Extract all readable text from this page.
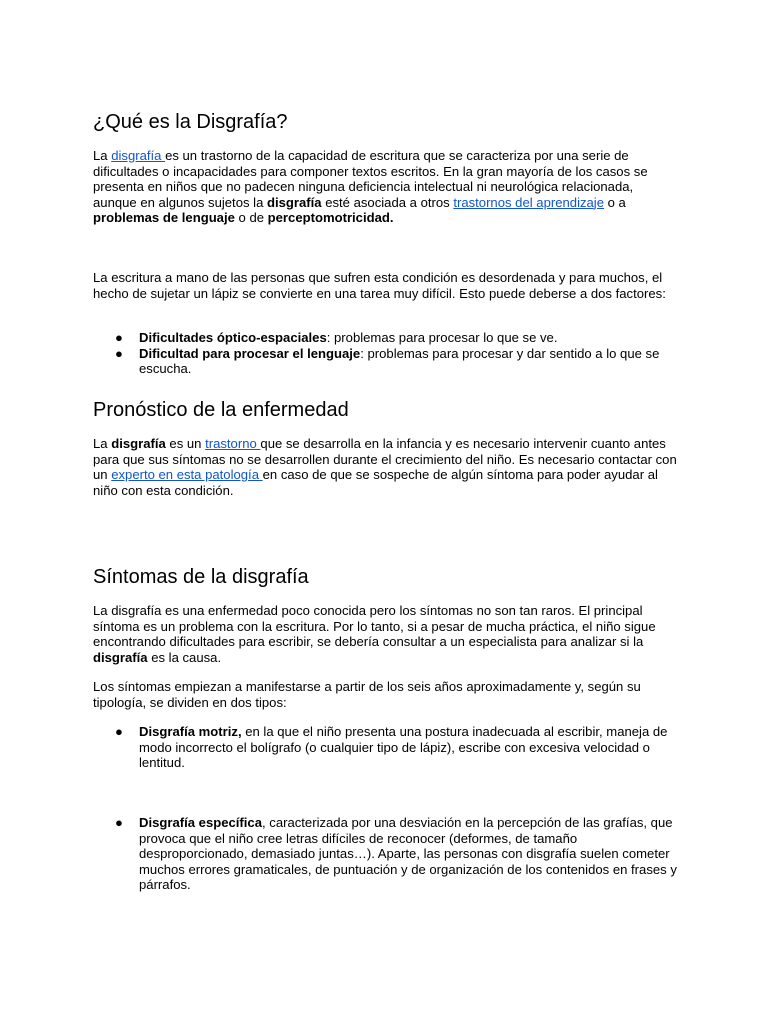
¿Qué es la Disgrafía?

La disgrafía es un trastorno de la capacidad de escritura que se caracteriza por una serie de dificultades o incapacidades para componer textos escritos. En la gran mayoría de los casos se presenta en niños que no padecen ninguna deficiencia intelectual ni neurológica relacionada, aunque en algunos sujetos la disgrafía esté asociada a otros trastornos del aprendizaje o a problemas de lenguaje o de perceptomotricidad.

La escritura a mano de las personas que sufren esta condición es desordenada y para muchos, el hecho de sujetar un lápiz se convierte en una tarea muy difícil. Esto puede deberse a dos factores:

● Dificultades óptico-espaciales: problemas para procesar lo que se ve.
● Dificultad para procesar el lenguaje: problemas para procesar y dar sentido a lo que se escucha.
Pronóstico de la enfermedad

La disgrafía es un trastorno que se desarrolla en la infancia y es necesario intervenir cuanto antes para que sus síntomas no se desarrollen durante el crecimiento del niño. Es necesario contactar con un experto en esta patología en caso de que se sospeche de algún síntoma para poder ayudar al niño con esta condición.

Síntomas de la disgrafía

La disgrafía es una enfermedad poco conocida pero los síntomas no son tan raros. El principal síntoma es un problema con la escritura. Por lo tanto, si a pesar de mucha práctica, el niño sigue encontrando dificultades para escribir, se debería consultar a un especialista para analizar si la disgrafía es la causa.

Los síntomas empiezan a manifestarse a partir de los seis años aproximadamente y, según su tipología, se dividen en dos tipos:

● Disgrafía motriz, en la que el niño presenta una postura inadecuada al escribir, maneja de modo incorrecto el bolígrafo (o cualquier tipo de lápiz), escribe con excesiva velocidad o lentitud.
● Disgrafía específica, caracterizada por una desviación en la percepción de las grafías, que provoca que el niño cree letras difíciles de reconocer (deformes, de tamaño desproporcionado, demasiado juntas…). Aparte, las personas con disgrafía suelen cometer muchos errores gramaticales, de puntuación y de organización de los contenidos en frases y párrafos.
